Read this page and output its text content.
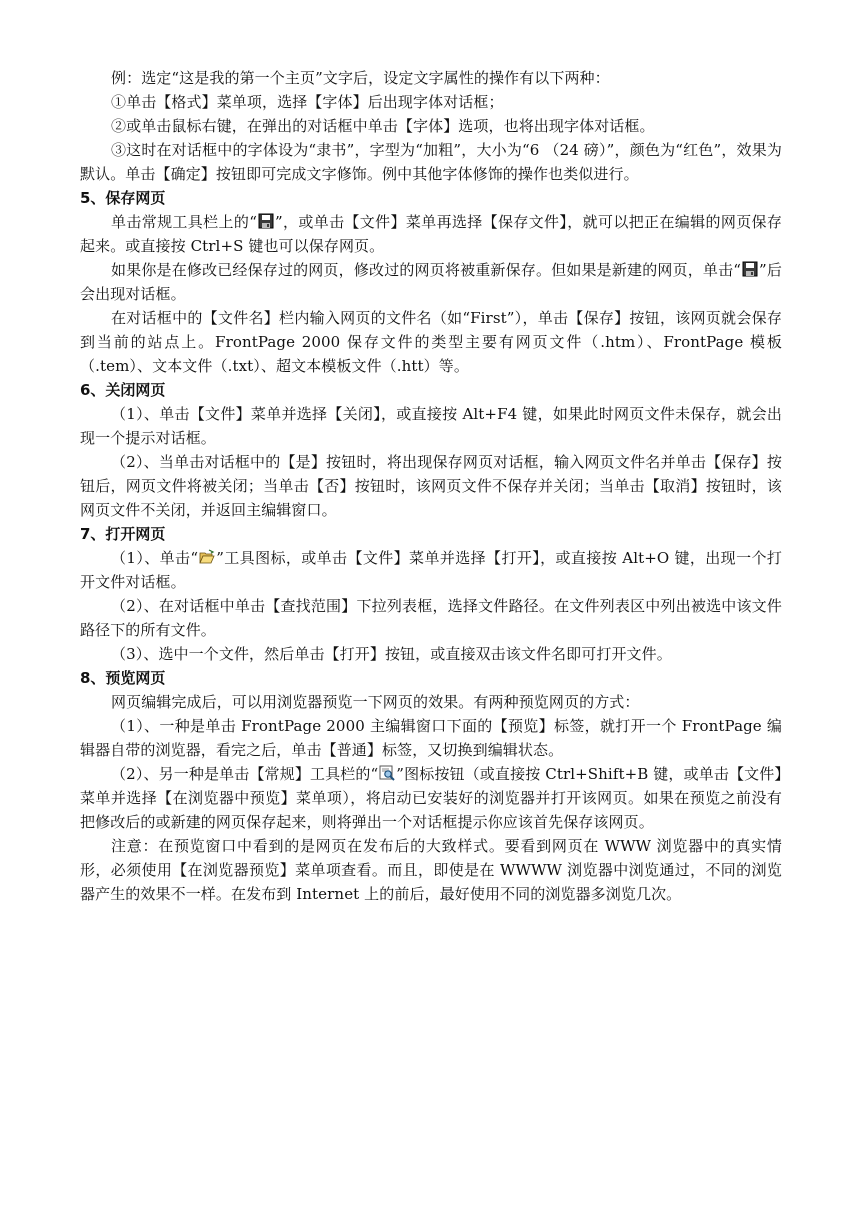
例：选定“这是我的第一个主页”文字后，设定文字属性的操作有以下两种：

①单击【格式】菜单项，选择【字体】后出现字体对话框；

②或单击鼠标右键，在弹出的对话框中单击【字体】选项，也将出现字体对话框。

③这时在对话框中的字体设为“隶书”，字型为“加粗”，大小为“6 （24 磅）”，颜色为“红色”，效果为默认。单击【确定】按钮即可完成文字修饰。例中其他字体修饰的操作也类似进行。

5、保存网页

单击常规工具栏上的“ ”，或单击【文件】菜单再选择【保存文件】，就可以把正在编辑的网页保存起来。或直接按 Ctrl+S 键也可以保存网页。

如果你是在修改已经保存过的网页，修改过的网页将被重新保存。但如果是新建的网页，单击“ ”后会出现对话框。

在对话框中的【文件名】栏内输入网页的文件名（如“First”），单击【保存】按钮，该网页就会保存到当前的站点上。FrontPage 2000 保存文件的类型主要有网页文件（.htm）、FrontPage 模板（.tem）、文本文件（.txt）、超文本模板文件（.htt）等。

6、关闭网页

（1）、单击【文件】菜单并选择【关闭】，或直接按 Alt+F4 键，如果此时网页文件未保存，就会出现一个提示对话框。

（2）、当单击对话框中的【是】按钮时，将出现保存网页对话框，输入网页文件名并单击【保存】按钮后，网页文件将被关闭；当单击【否】按钮时，该网页文件不保存并关闭；当单击【取消】按钮时，该网页文件不关闭，并返回主编辑窗口。

7、打开网页

（1）、单击“ ”工具图标，或单击【文件】菜单并选择【打开】，或直接按 Alt+O 键，出现一个打开文件对话框。

（2）、在对话框中单击【查找范围】下拉列表框，选择文件路径。在文件列表区中列出被选中该文件路径下的所有文件。

（3）、选中一个文件，然后单击【打开】按钮，或直接双击该文件名即可打开文件。

8、预览网页

网页编辑完成后，可以用浏览器预览一下网页的效果。有两种预览网页的方式：

（1）、一种是单击 FrontPage 2000 主编辑窗口下面的【预览】标签，就打开一个 FrontPage 编辑器自带的浏览器，看完之后，单击【普通】标签，又切换到编辑状态。

（2）、另一种是单击【常规】工具栏的“ ”图标按钮（或直接按 Ctrl+Shift+B 键，或单击【文件】菜单并选择【在浏览器中预览】菜单项），将启动已安装好的浏览器并打开该网页。如果在预览之前没有把修改后的或新建的网页保存起来，则将弹出一个对话框提示你应该首先保存该网页。

注意：在预览窗口中看到的是网页在发布后的大致样式。要看到网页在 WWW 浏览器中的真实情形，必须使用【在浏览器预览】菜单项查看。而且，即使是在 WWWW 浏览器中浏览通过，不同的浏览器产生的效果不一样。在发布到 Internet 上的前后，最好使用不同的浏览器多浏览几次。
